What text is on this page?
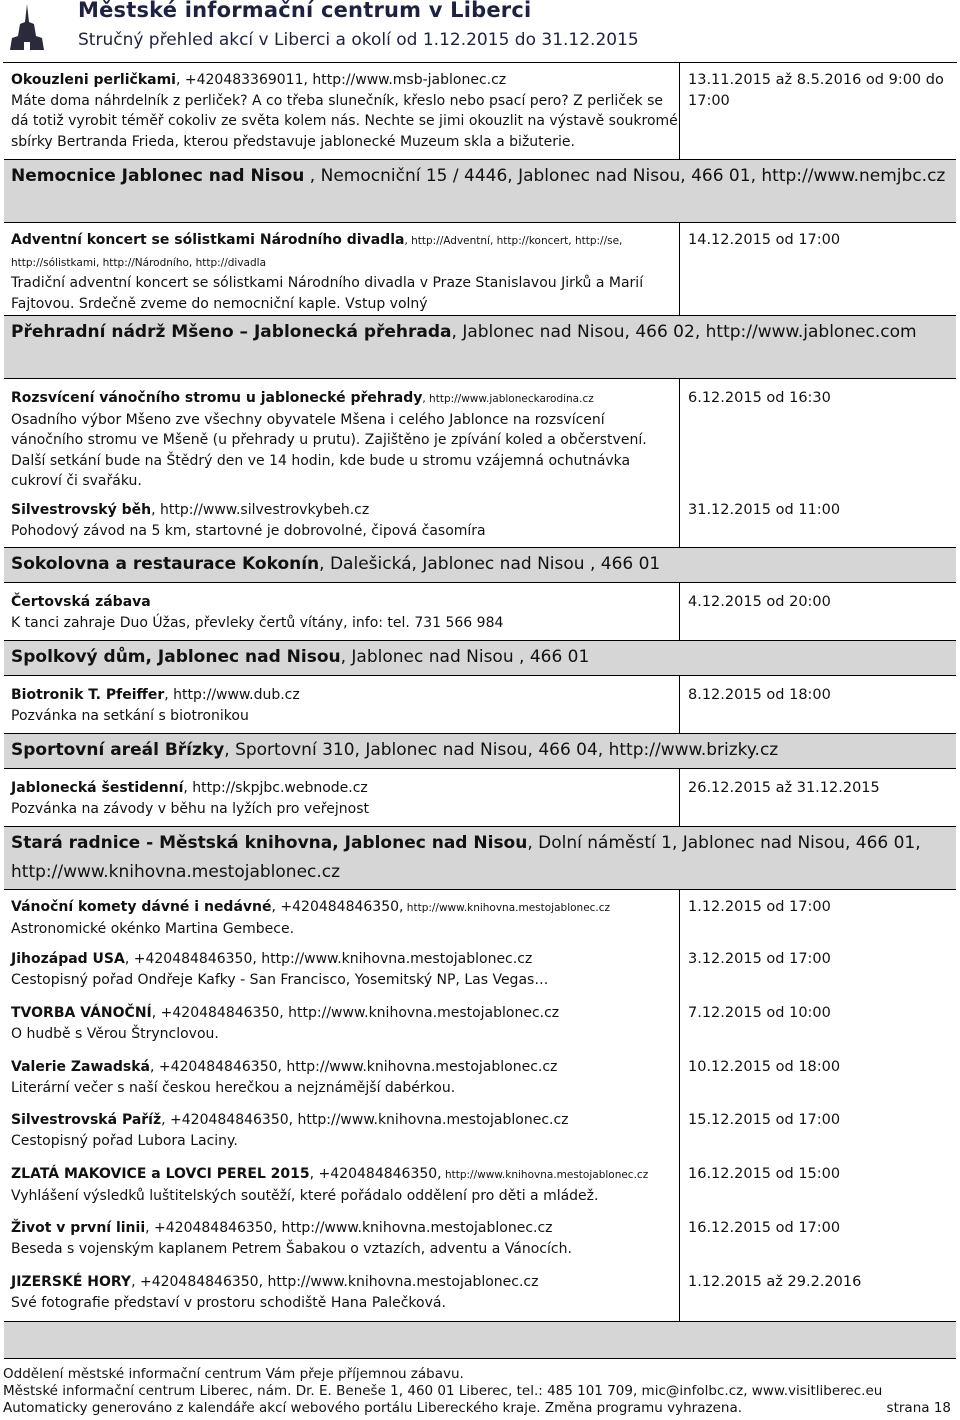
Městské informační centrum v Liberci
Stručný přehled akcí v Liberci a okolí od 1.12.2015 do 31.12.2015
Okouzleni perličkami, +420483369011, http://www.msb-jablonec.cz
Máte doma náhrdelník z perliček? A co třeba slunečník, křeslo nebo psací pero? Z perliček se dá totiž vyrobit téměř cokoliv ze světa kolem nás. Nechte se jimi okouzlit na výstavě soukromé sbírky Bertranda Frieda, kterou představuje jablonecké Muzeum skla a bižuterie.
13.11.2015 až 8.5.2016 od 9:00 do 17:00
Nemocnice Jablonec nad Nisou , Nemocniční 15 / 4446, Jablonec nad Nisou, 466 01, http://www.nemjbc.cz
Adventní koncert se sólistkami Národního divadla, http://Adventní, http://koncert, http://se, http://sólistkami, http://Národního, http://divadla
Tradiční adventní koncert se sólistkami Národního divadla v Praze Stanislavou Jirků a Marií Fajtovou. Srdečně zveme do nemocniční kaple. Vstup volný
14.12.2015 od 17:00
Přehradní nádrž Mšeno – Jablonecká přehrada, Jablonec nad Nisou, 466 02, http://www.jablonec.com
Rozsvícení vánočního stromu u jablonecké přehrady, http://www.jabloneckarodina.cz
Osadního výbor Mšeno zve všechny obyvatele Mšena i celého Jablonce na rozsvícení vánočního stromu ve Mšeně (u přehrady u prutu). Zajištěno je zpívání koled a občerstvení. Další setkání bude na Štědrý den ve 14 hodin, kde bude u stromu vzájemná ochutnávka cukroví či svařáku.
6.12.2015 od 16:30
Silvestrovský běh, http://www.silvestrovkybeh.cz
Pohodový závod na 5 km, startovné je dobrovolné, čipová časomíra
31.12.2015 od 11:00
Sokolovna a restaurace Kokonín, Dalešická, Jablonec nad Nisou , 466 01
Čertovská zábava
K tanci zahraje Duo Úžas, převleky čertů vítány, info: tel. 731 566 984
4.12.2015 od 20:00
Spolkový dům, Jablonec nad Nisou, Jablonec nad Nisou , 466 01
Biotronik T. Pfeiffer, http://www.dub.cz
Pozvánka na setkání s biotronikou
8.12.2015 od 18:00
Sportovní areál Břízky, Sportovní 310, Jablonec nad Nisou, 466 04, http://www.brizky.cz
Jablonecká šestidenní, http://skpjbc.webnode.cz
Pozvánka na závody v běhu na lyžích pro veřejnost
26.12.2015 až 31.12.2015
Stará radnice - Městská knihovna, Jablonec nad Nisou, Dolní náměstí 1, Jablonec nad Nisou, 466 01, http://www.knihovna.mestojablonec.cz
Vánoční komety dávné i nedávné, +420484846350, http://www.knihovna.mestojablonec.cz
Astronomické okénko Martina Gembece.
1.12.2015 od 17:00
Jihozápad USA, +420484846350, http://www.knihovna.mestojablonec.cz
Cestopisný pořad Ondřeje Kafky - San Francisco, Yosemitský NP, Las Vegas…
3.12.2015 od 17:00
TVORBA VÁNOČNÍ, +420484846350, http://www.knihovna.mestojablonec.cz
O hudbě s Věrou Štrynclovou.
7.12.2015 od 10:00
Valerie Zawadská, +420484846350, http://www.knihovna.mestojablonec.cz
Literární večer s naší českou herečkou a nejznámější dabérkou.
10.12.2015 od 18:00
Silvestrovská Paříž, +420484846350, http://www.knihovna.mestojablonec.cz
Cestopisný pořad Lubora Laciny.
15.12.2015 od 17:00
ZLATÁ MAKOVICE a LOVCI PEREL 2015, +420484846350, http://www.knihovna.mestojablonec.cz
Vyhlášení výsledků luštitelských soutěží, které pořádalo oddělení pro děti a mládež.
16.12.2015 od 15:00
Život v první linii, +420484846350, http://www.knihovna.mestojablonec.cz
Beseda s vojenským kaplanem Petrem Šabakou o vztazích, adventu a Vánocích.
16.12.2015 od 17:00
JIZERSKÉ HORY, +420484846350, http://www.knihovna.mestojablonec.cz
Své fotografie představí v prostoru schodiště Hana Palečková.
1.12.2015 až 29.2.2016
Oddělení městské informační centrum Vám přeje příjemnou zábavu.
Městské informační centrum Liberec, nám. Dr. E. Beneše 1, 460 01 Liberec, tel.: 485 101 709, mic@infolbc.cz, www.visitliberec.eu
Automaticky generováno z kalendáře akcí webového portálu Libereckého kraje. Změna programu vyhrazena.	strana 18
